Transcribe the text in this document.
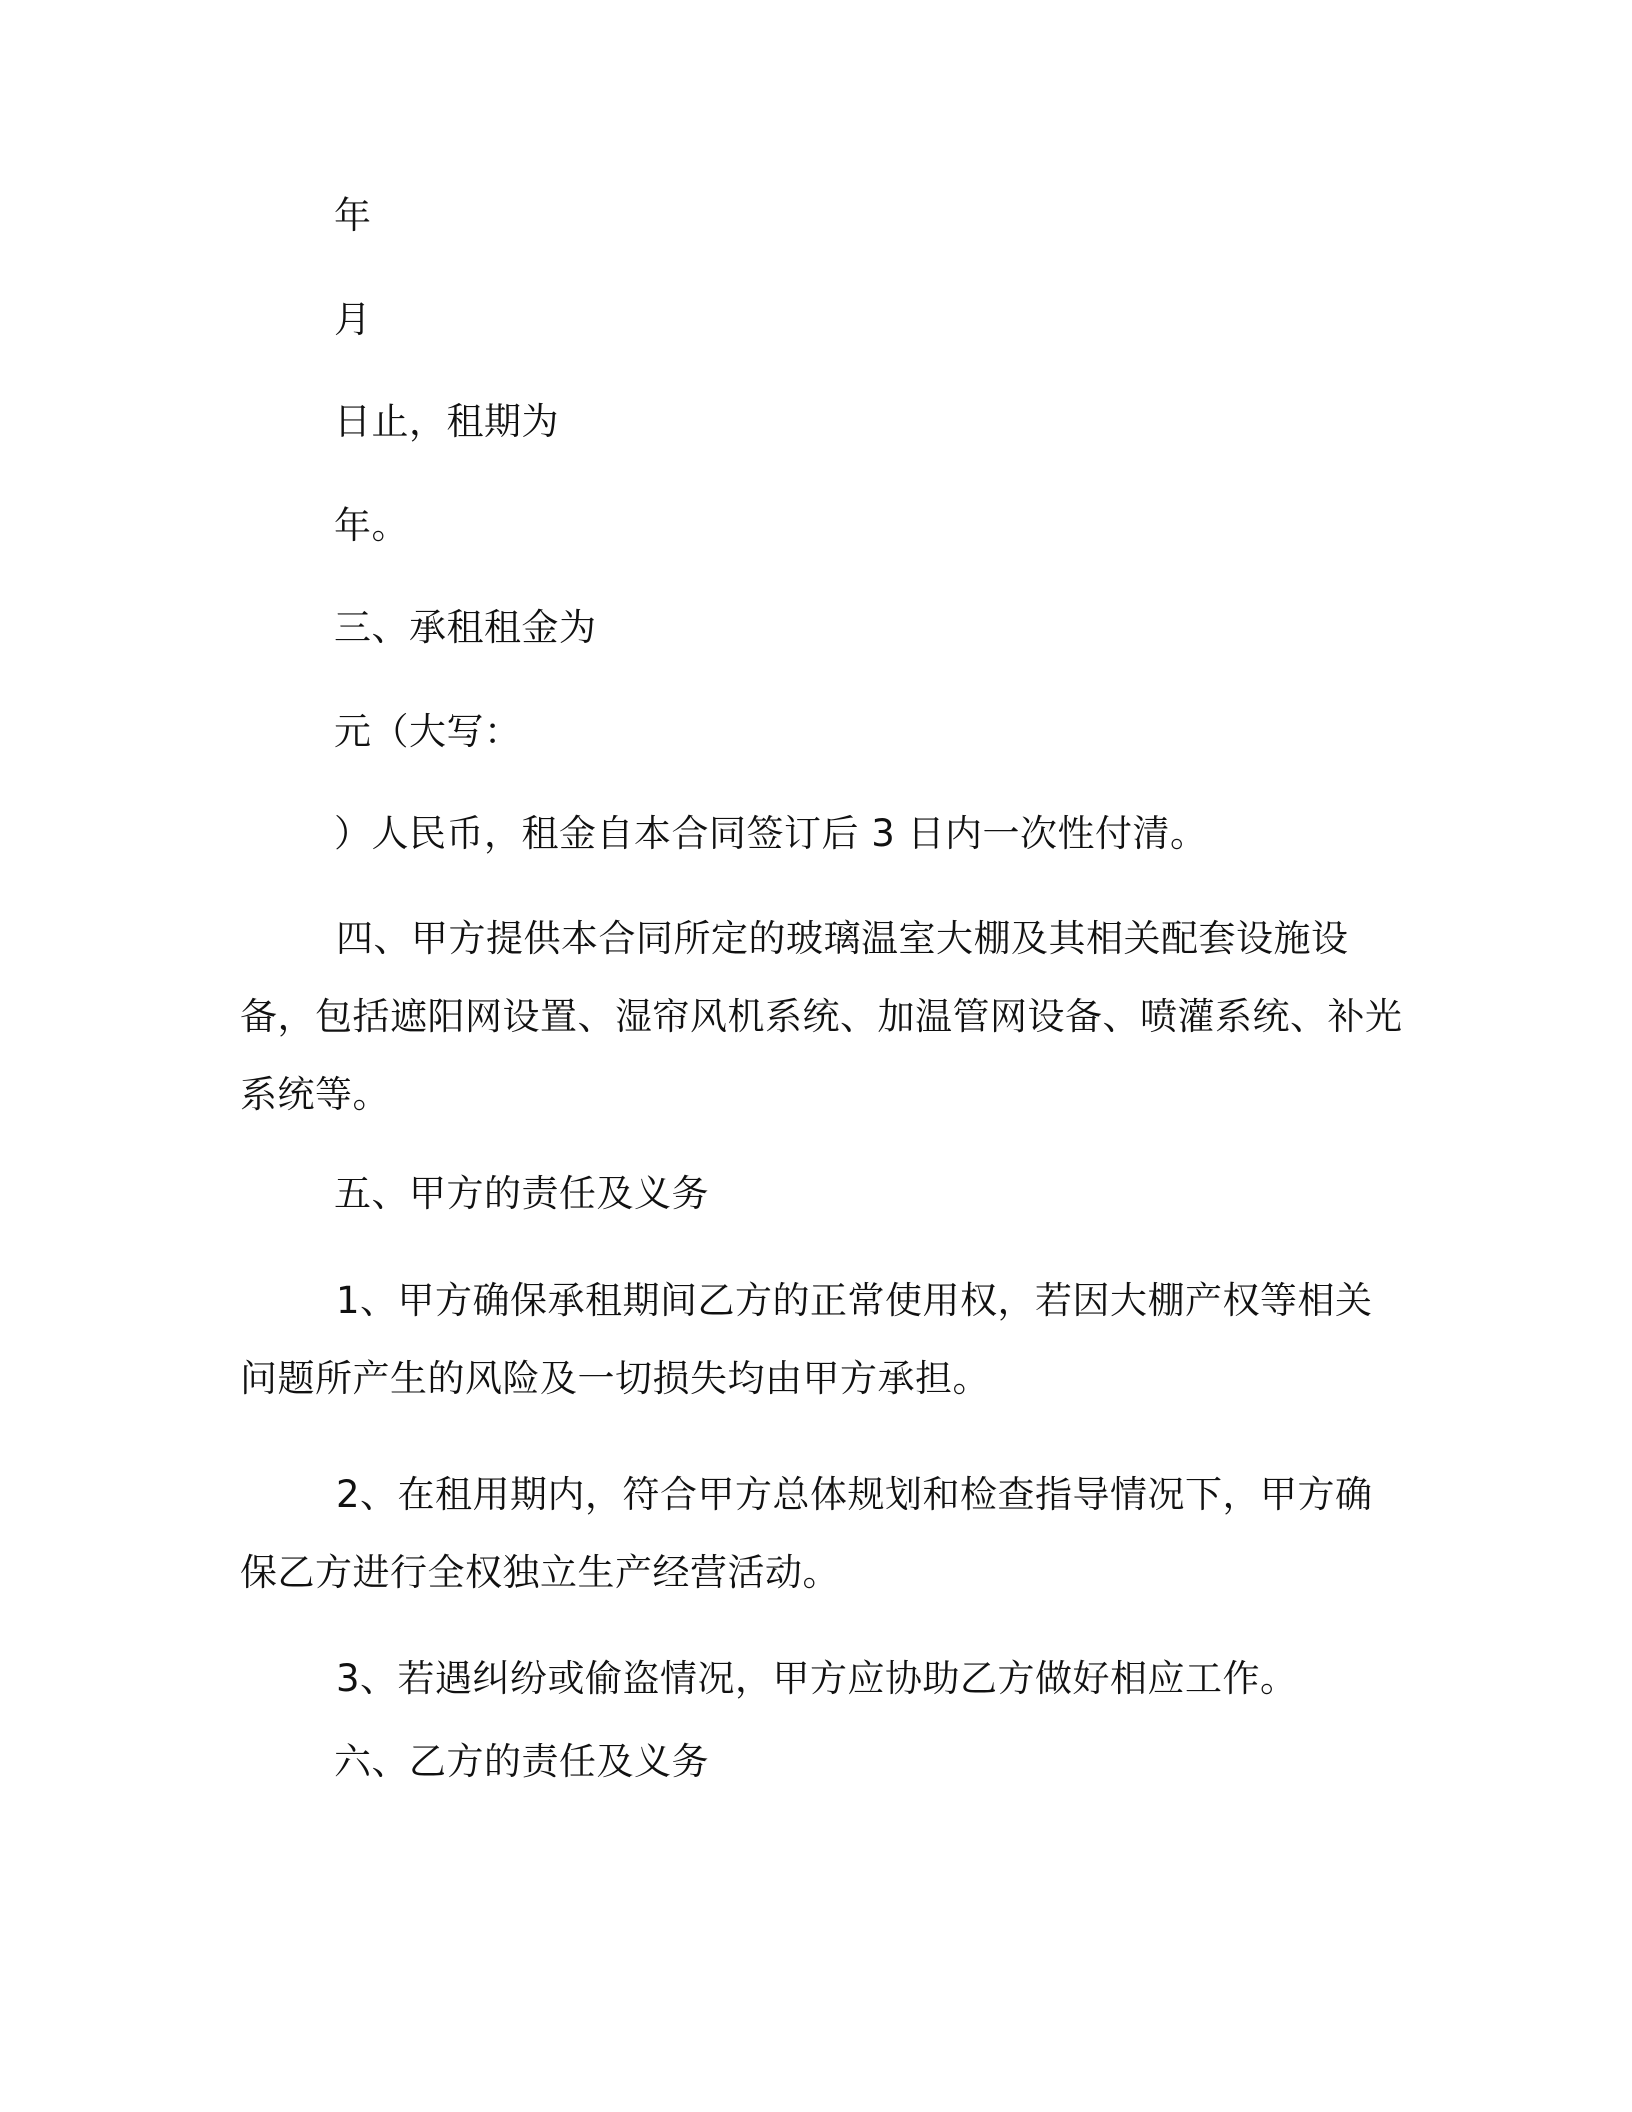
年
月
日止，租期为
年。
三、承租租金为
元（大写：
）人民币，租金自本合同签订后 3 日内一次性付清。
四、甲方提供本合同所定的玻璃温室大棚及其相关配套设施设备，包括遮阳网设置、湿帘风机系统、加温管网设备、喷灌系统、补光系统等。
五、甲方的责任及义务
1、甲方确保承租期间乙方的正常使用权，若因大棚产权等相关问题所产生的风险及一切损失均由甲方承担。
2、在租用期内，符合甲方总体规划和检查指导情况下，甲方确保乙方进行全权独立生产经营活动。
3、若遇纠纷或偷盗情况，甲方应协助乙方做好相应工作。
六、乙方的责任及义务
